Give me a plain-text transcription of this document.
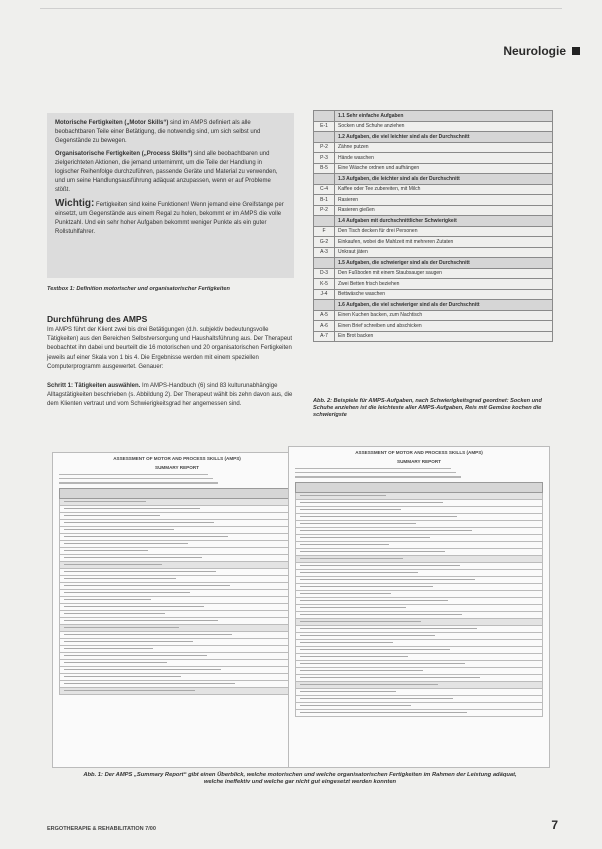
Neurologie

Motorische Fertigkeiten („Motor Skills“) sind im AMPS definiert als alle beobachtbaren Teile einer Betätigung, die notwendig sind, um sich selbst und Gegenstände zu bewegen.

Organisatorische Fertigkeiten („Process Skills“) sind alle beobachtbaren und zielgerichteten Aktionen, die jemand unternimmt, um die Teile der Handlung in logischer Reihenfolge durchzuführen, passende Geräte und Material zu verwenden, und um seine Handlungsausführung adäquat anzupassen, wenn er auf Probleme stößt.

Wichtig: Fertigkeiten sind keine Funktionen! Wenn jemand eine Greifstange per einsetzt, um Gegenstände aus einem Regal zu holen, bekommt er im AMPS die volle Punktzahl. Und ein sehr hoher Aufgaben bekommt weniger Punkte als ein guter Rollstuhlfahrer.

Textbox 1: Definition motorischer und organisatorischer Fertigkeiten
Durchführung des AMPS

Im AMPS führt der Klient zwei bis drei Betätigungen (d.h. subjektiv bedeutungsvolle Tätigkeiten) aus den Bereichen Selbstversorgung und Haushaltsführung aus. Der Therapeut beobachtet ihn dabei und beurteilt die 16 motorischen und 20 organisatorischen Fertigkeiten jeweils auf einer Skala von 1 bis 4. Die Ergebnisse werden mit einem speziellen Computerprogramm ausgewertet. Genauer:

Schritt 1: Tätigkeiten auswählen. Im AMPS-Handbuch (6) sind 83 kulturunabhängige Alltagstätigkeiten beschrieben (s. Abbildung 2). Der Therapeut wählt bis zehn davon aus, die dem Klienten vertraut und vom Schwierigkeitsgrad her angemessen sind.

	1.1 Sehr einfache Aufgaben
E-1	Socken und Schuhe anziehen
	1.2 Aufgaben, die viel leichter sind als der Durchschnitt
P-2	Zähne putzen
P-3	Hände waschen
B-5	Eine Wäsche ordnen und aufhängen
	1.3 Aufgaben, die leichter sind als der Durchschnitt
C-4	Kaffee oder Tee zubereiten, mit Milch
B-1	Rasieren
P-2	Rasieren gießen
	1.4 Aufgaben mit durchschnittlicher Schwierigkeit
F	Den Tisch decken für drei Personen
G-2	Einkaufen, wobei die Mahlzeit mit mehreren Zutaten
A-3	Unkraut jäten
	1.5 Aufgaben, die schwieriger sind als der Durchschnitt
D-3	Den Fußboden mit einem Staubsauger saugen
K-5	Zwei Betten frisch beziehen
J-4	Bettwäsche waschen
	1.6 Aufgaben, die viel schwieriger sind als der Durchschnitt
A-5	Einen Kuchen backen, zum Nachtisch
A-6	Einen Brief schreiben und abschicken
A-7	Ein Brot backen
Abb. 2: Beispiele für AMPS-Aufgaben, nach Schwierigkeitsgrad geordnet: Socken und Schuhe anziehen ist die leichteste aller AMPS-Aufgaben, Reis mit Gemüse kochen die schwierigste
ASSESSMENT OF MOTOR AND PROCESS SKILLS (AMPS)
SUMMARY REPORT
ASSESSMENT OF MOTOR AND PROCESS SKILLS (AMPS)
SUMMARY REPORT
Abb. 1: Der AMPS „Summary Report“ gibt einen Überblick, welche motorischen und welche organisatorischen Fertigkeiten im Rahmen der Leistung adäquat, welche ineffektiv und welche gar nicht gut eingesetzt werden konnten
ERGOTHERAPIE & REHABILITATION 7/00	7
